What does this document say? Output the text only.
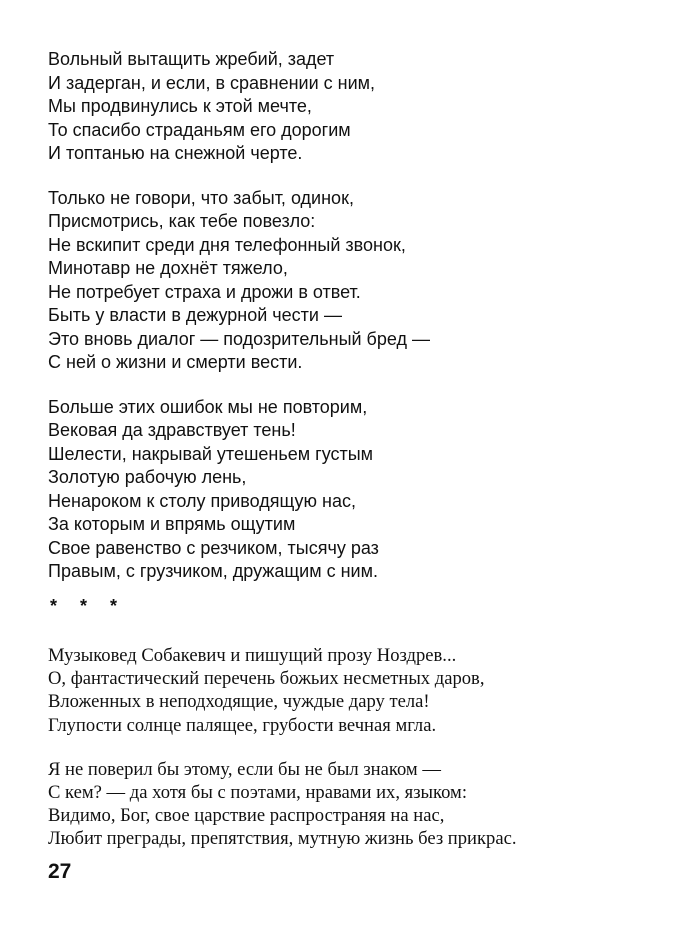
Вольный вытащить жребий, задет
И задерган, и если, в сравнении с ним,
Мы продвинулись к этой мечте,
То спасибо страданьям его дорогим
И топтанью на снежной черте.
Только не говори, что забыт, одинок,
Присмотрись, как тебе повезло:
Не вскипит среди дня телефонный звонок,
Минотавр не дохнёт тяжело,
Не потребует страха и дрожи в ответ.
Быть у власти в дежурной чести —
Это вновь диалог — подозрительный бред —
С ней о жизни и смерти вести.
Больше этих ошибок мы не повторим,
Вековая да здравствует тень!
Шелести, накрывай утешеньем густым
Золотую рабочую лень,
Ненароком к столу приводящую нас,
За которым и впрямь ощутим
Свое равенство с резчиком, тысячу раз
Правым, с грузчиком, дружащим с ним.
* * *
Музыковед Собакевич и пишущий прозу Ноздрев...
О, фантастический перечень божьих несметных даров,
Вложенных в неподходящие, чуждые дару тела!
Глупости солнце палящее, грубости вечная мгла.
Я не поверил бы этому, если бы не был знаком —
С кем? — да хотя бы с поэтами, нравами их, языком:
Видимо, Бог, свое царствие распространяя на нас,
Любит преграды, препятствия, мутную жизнь без прикрас.
27
